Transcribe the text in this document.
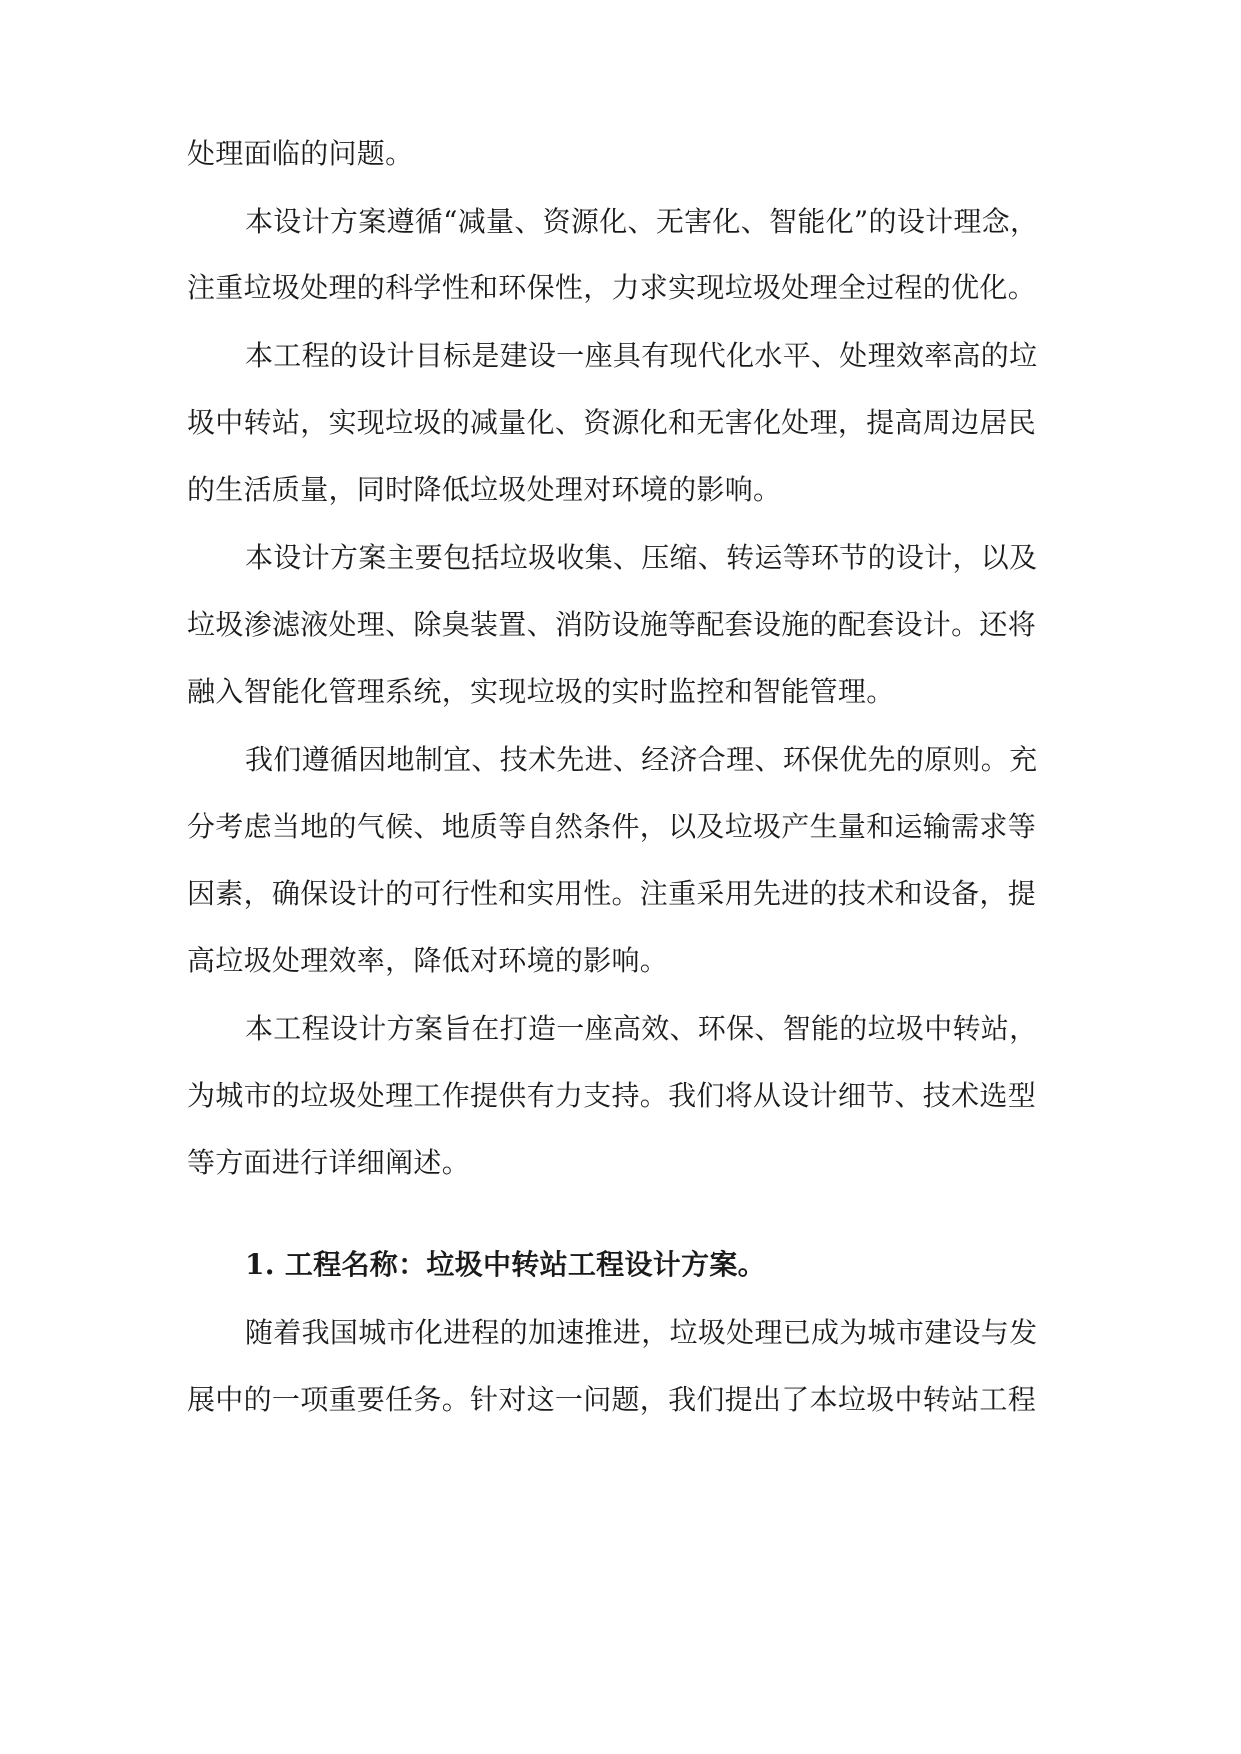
处理面临的问题。
本设计方案遵循“减量、资源化、无害化、智能化”的设计理念，
注重垃圾处理的科学性和环保性，力求实现垃圾处理全过程的优化。
本工程的设计目标是建设一座具有现代化水平、处理效率高的垃
圾中转站，实现垃圾的减量化、资源化和无害化处理，提高周边居民
的生活质量，同时降低垃圾处理对环境的影响。
本设计方案主要包括垃圾收集、压缩、转运等环节的设计，以及
垃圾渗滤液处理、除臭装置、消防设施等配套设施的配套设计。还将
融入智能化管理系统，实现垃圾的实时监控和智能管理。
我们遵循因地制宜、技术先进、经济合理、环保优先的原则。充
分考虑当地的气候、地质等自然条件，以及垃圾产生量和运输需求等
因素，确保设计的可行性和实用性。注重采用先进的技术和设备，提
高垃圾处理效率，降低对环境的影响。
本工程设计方案旨在打造一座高效、环保、智能的垃圾中转站，
为城市的垃圾处理工作提供有力支持。我们将从设计细节、技术选型
等方面进行详细阐述。
1. 工程名称：垃圾中转站工程设计方案。
随着我国城市化进程的加速推进，垃圾处理已成为城市建设与发
展中的一项重要任务。针对这一问题，我们提出了本垃圾中转站工程
